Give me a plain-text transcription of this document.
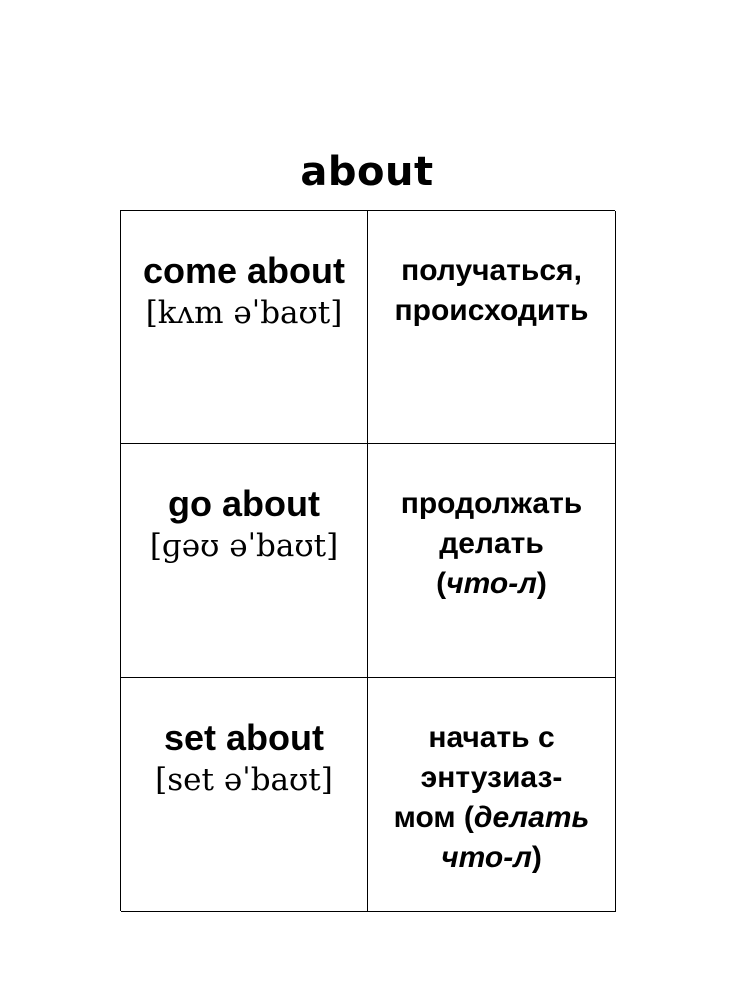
about
come about
[kʌm əˈbaʊt]
получаться,
происходить
go about
[ɡəʊ əˈbaʊt]
продолжать
делать
(что-л)
set about
[set əˈbaʊt]
начать с
энтузиаз-
мом (делать
что-л)
